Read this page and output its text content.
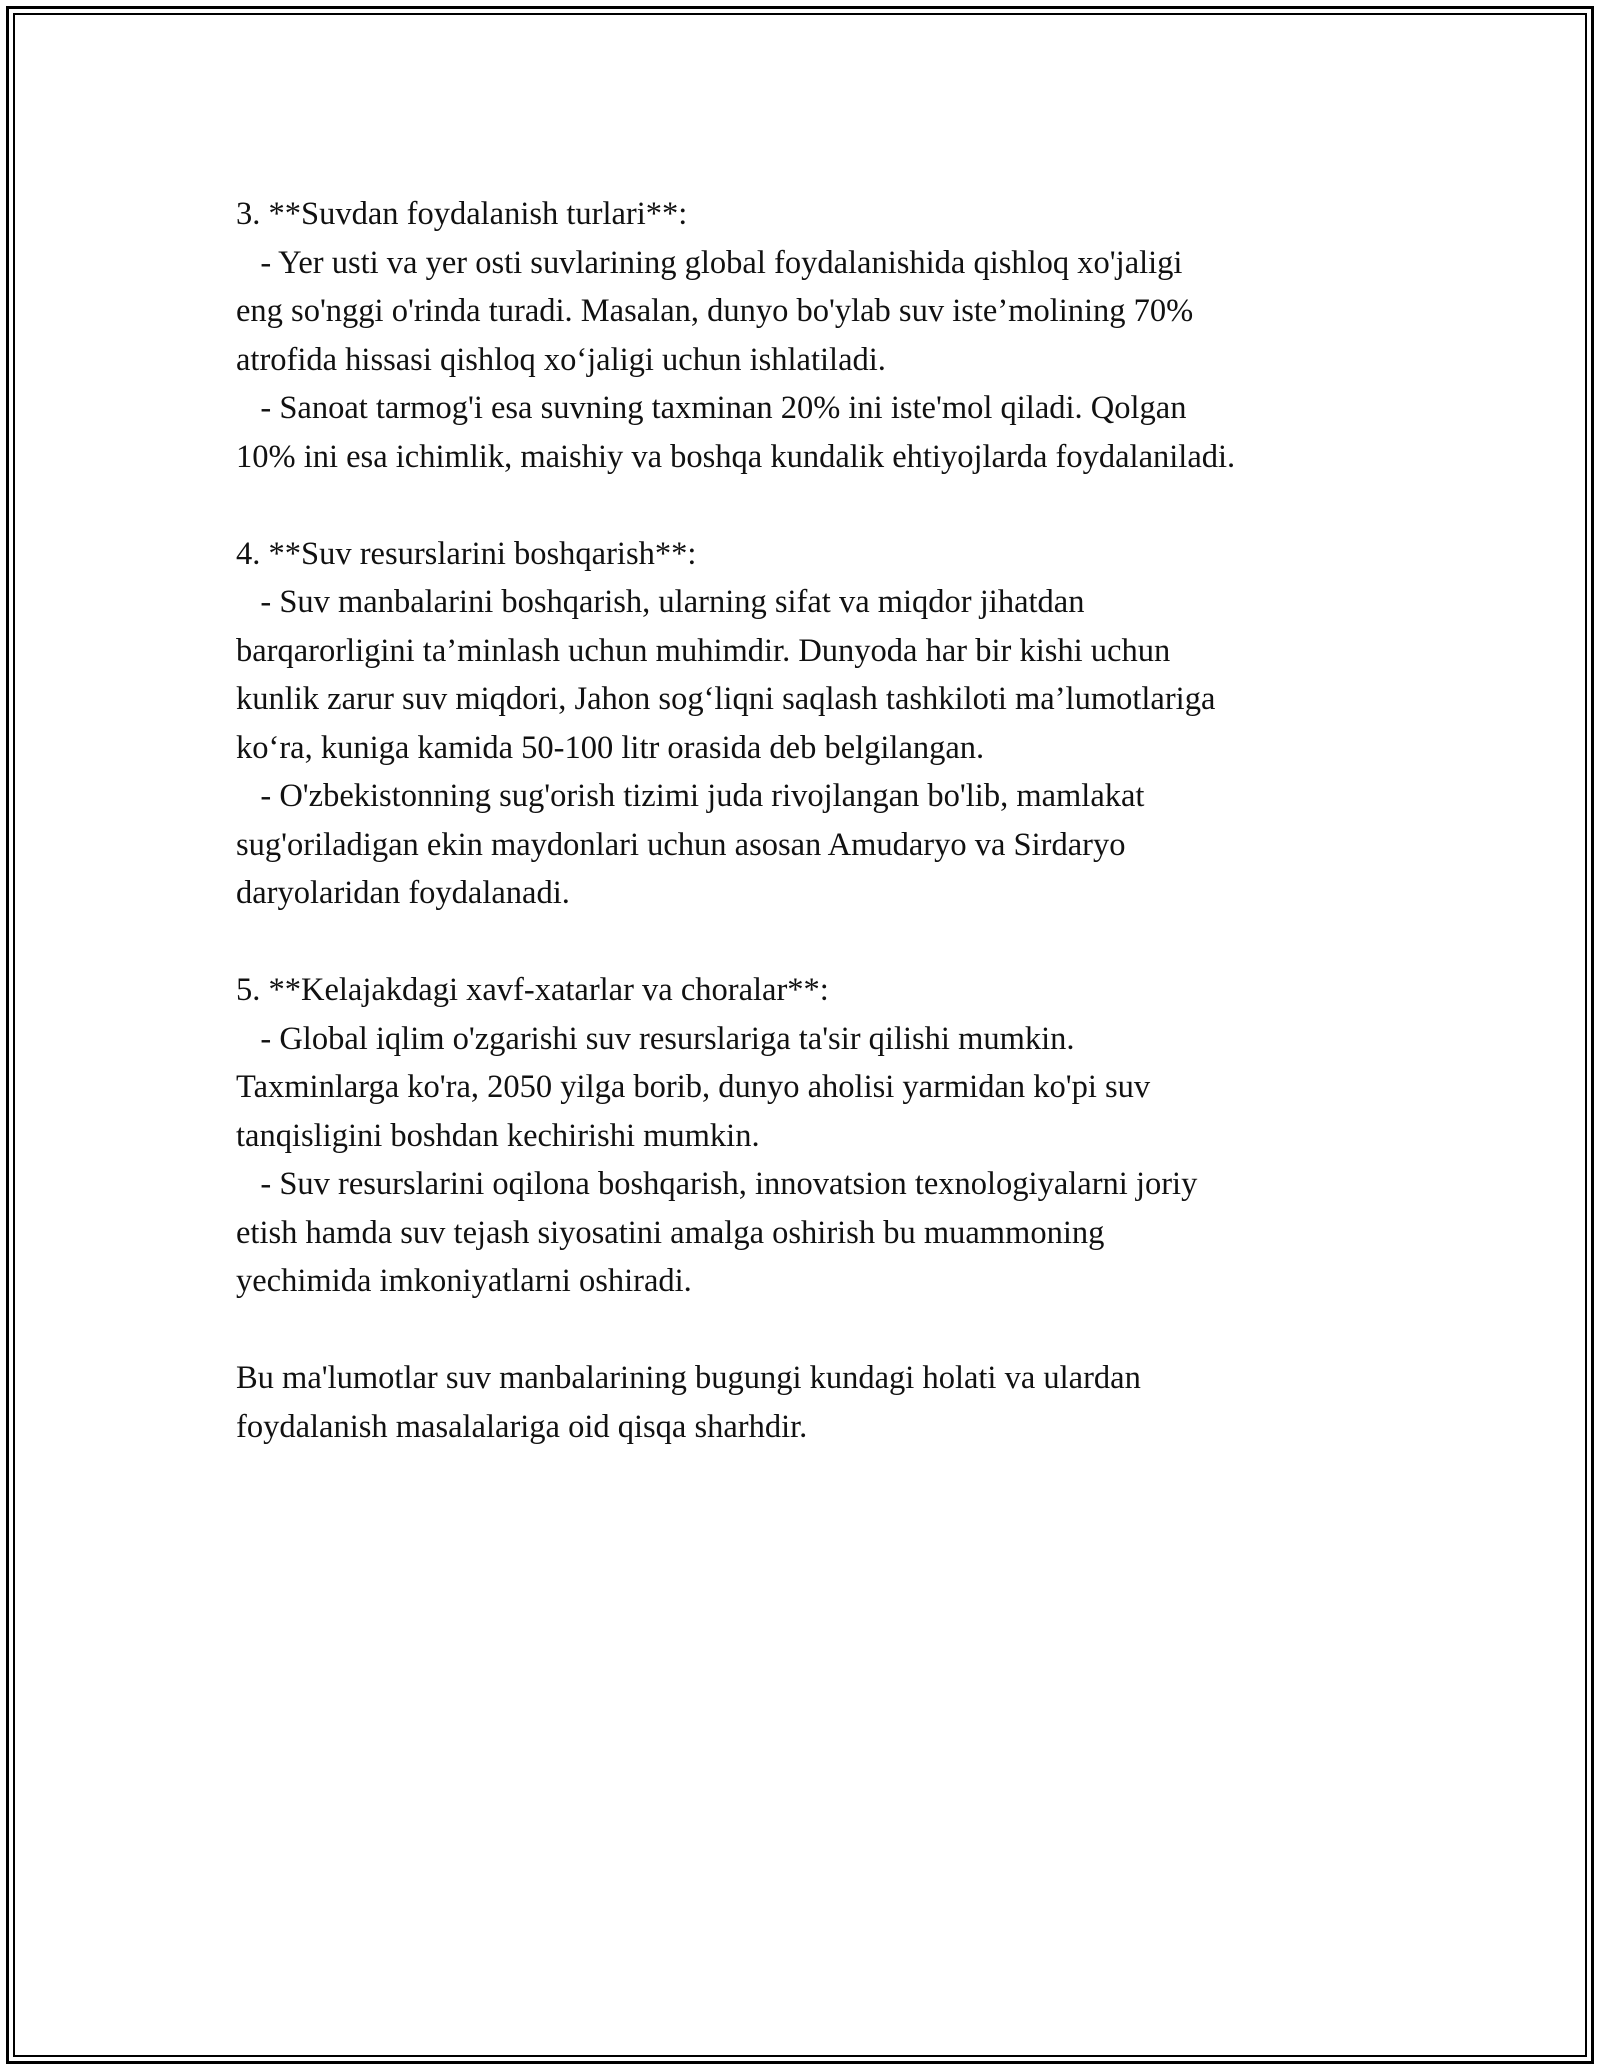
3. **Suvdan foydalanish turlari**:
- Yer usti va yer osti suvlarining global foydalanishida qishloq xo'jaligi
eng so'nggi o'rinda turadi. Masalan, dunyo bo'ylab suv iste’molining 70%
atrofida hissasi qishloq xo‘jaligi uchun ishlatiladi.
- Sanoat tarmog'i esa suvning taxminan 20% ini iste'mol qiladi. Qolgan
10% ini esa ichimlik, maishiy va boshqa kundalik ehtiyojlarda foydalaniladi.
4. **Suv resurslarini boshqarish**:
- Suv manbalarini boshqarish, ularning sifat va miqdor jihatdan
barqarorligini ta’minlash uchun muhimdir. Dunyoda har bir kishi uchun
kunlik zarur suv miqdori, Jahon sog‘liqni saqlash tashkiloti ma’lumotlariga
ko‘ra, kuniga kamida 50-100 litr orasida deb belgilangan.
- O'zbekistonning sug'orish tizimi juda rivojlangan bo'lib, mamlakat
sug'oriladigan ekin maydonlari uchun asosan Amudaryo va Sirdaryo
daryolaridan foydalanadi.
5. **Kelajakdagi xavf-xatarlar va choralar**:
- Global iqlim o'zgarishi suv resurslariga ta'sir qilishi mumkin.
Taxminlarga ko'ra, 2050 yilga borib, dunyo aholisi yarmidan ko'pi suv
tanqisligini boshdan kechirishi mumkin.
- Suv resurslarini oqilona boshqarish, innovatsion texnologiyalarni joriy
etish hamda suv tejash siyosatini amalga oshirish bu muammoning
yechimida imkoniyatlarni oshiradi.
Bu ma'lumotlar suv manbalarining bugungi kundagi holati va ulardan
foydalanish masalalariga oid qisqa sharhdir.
